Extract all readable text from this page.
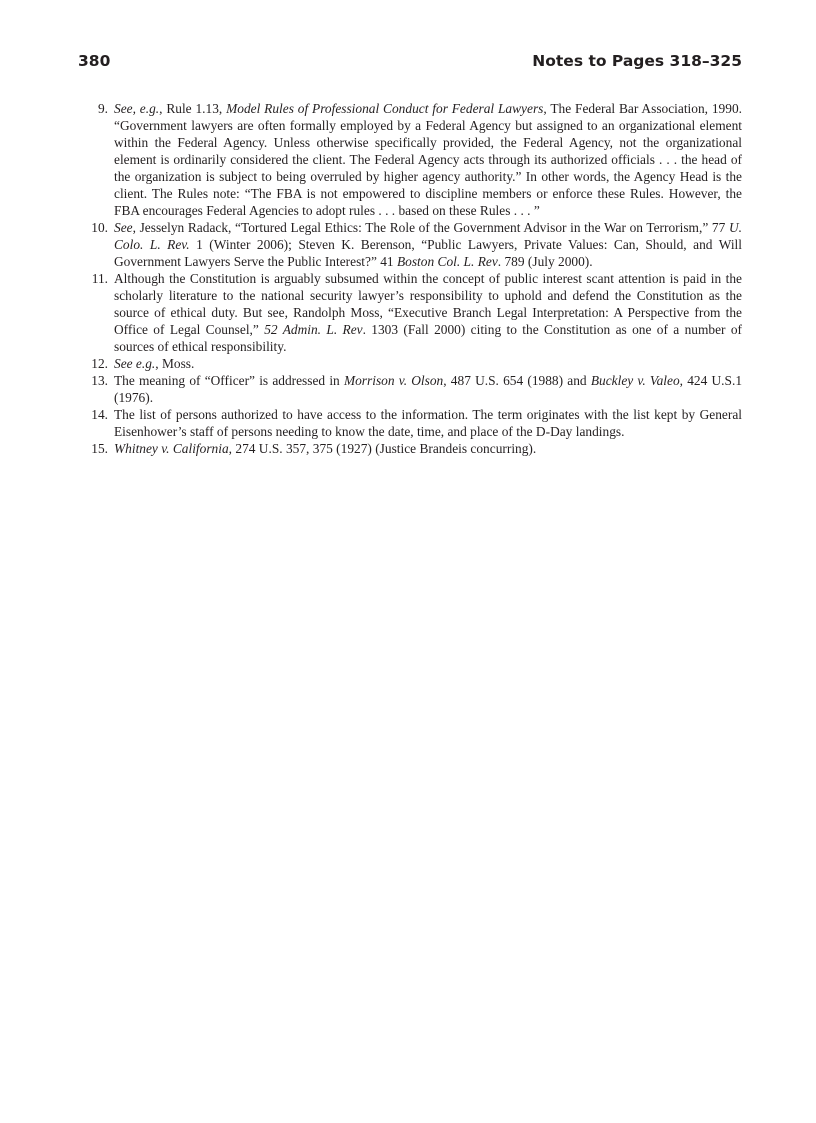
380	Notes to Pages 318–325
9. See, e.g., Rule 1.13, Model Rules of Professional Conduct for Federal Lawyers, The Federal Bar Association, 1990. “Government lawyers are often formally employed by a Federal Agency but assigned to an organizational element within the Federal Agency. Unless otherwise specifically provided, the Federal Agency, not the organizational element is ordinarily considered the client. The Federal Agency acts through its authorized officials . . . the head of the organization is subject to being overruled by higher agency authority.” In other words, the Agency Head is the client. The Rules note: “The FBA is not empowered to discipline members or enforce these Rules. However, the FBA encourages Federal Agencies to adopt rules . . . based on these Rules . . . ”
10. See, Jesselyn Radack, “Tortured Legal Ethics: The Role of the Government Advisor in the War on Terrorism,” 77 U. Colo. L. Rev. 1 (Winter 2006); Steven K. Berenson, “Public Lawyers, Private Values: Can, Should, and Will Government Lawyers Serve the Public Interest?” 41 Boston Col. L. Rev. 789 (July 2000).
11. Although the Constitution is arguably subsumed within the concept of public interest scant attention is paid in the scholarly literature to the national security lawyer’s responsibility to uphold and defend the Constitution as the source of ethical duty. But see, Randolph Moss, “Executive Branch Legal Interpretation: A Perspective from the Office of Legal Counsel,” 52 Admin. L. Rev. 1303 (Fall 2000) citing to the Constitution as one of a number of sources of ethical responsibility.
12. See e.g., Moss.
13. The meaning of “Officer” is addressed in Morrison v. Olson, 487 U.S. 654 (1988) and Buckley v. Valeo, 424 U.S.1 (1976).
14. The list of persons authorized to have access to the information. The term originates with the list kept by General Eisenhower’s staff of persons needing to know the date, time, and place of the D-Day landings.
15. Whitney v. California, 274 U.S. 357, 375 (1927) (Justice Brandeis concurring).
